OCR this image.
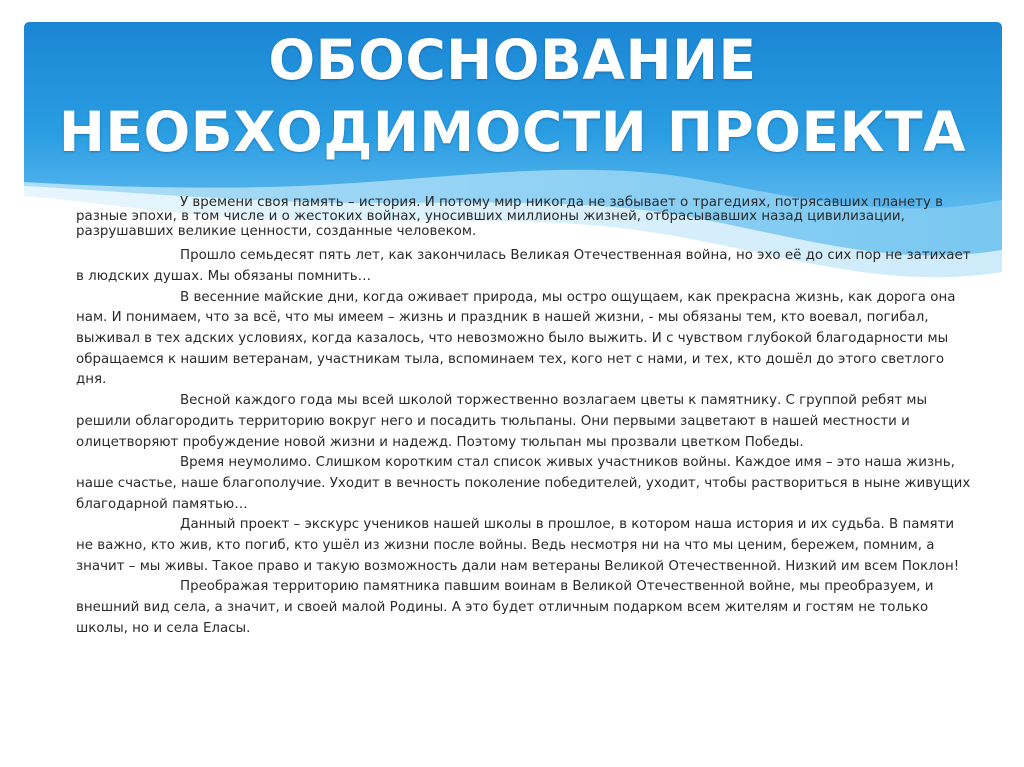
ОБОСНОВАНИЕ
НЕОБХОДИМОСТИ ПРОЕКТА

У времени своя память – история. И потому мир никогда не забывает о трагедиях, потрясавших планету в разные эпохи, в том числе и о жестоких войнах, уносивших миллионы жизней, отбрасывавших назад цивилизации, разрушавших великие ценности, созданные человеком.

Прошло семьдесят пять лет, как закончилась Великая Отечественная война, но эхо её до сих пор не затихает в людских душах. Мы обязаны помнить…

В весенние майские дни, когда оживает природа, мы остро ощущаем, как прекрасна жизнь, как дорога она нам. И понимаем, что за всё, что мы имеем – жизнь и праздник в нашей жизни, - мы обязаны тем, кто воевал, погибал, выживал в тех адских условиях, когда казалось, что невозможно было выжить. И с чувством глубокой благодарности мы обращаемся к нашим ветеранам, участникам тыла, вспоминаем тех, кого нет с нами, и тех, кто дошёл до этого светлого дня.

Весной каждого года мы всей школой торжественно возлагаем цветы к памятнику. С группой ребят мы решили облагородить территорию вокруг него и посадить тюльпаны. Они первыми зацветают в нашей местности и олицетворяют пробуждение новой жизни и надежд. Поэтому тюльпан мы прозвали цветком Победы.

Время неумолимо. Слишком коротким стал список живых участников войны. Каждое имя – это наша жизнь, наше счастье, наше благополучие. Уходит в вечность поколение победителей, уходит, чтобы раствориться в ныне живущих благодарной памятью…

Данный проект – экскурс учеников нашей школы в прошлое, в котором наша история и их судьба. В памяти не важно, кто жив, кто погиб, кто ушёл из жизни после войны. Ведь несмотря ни на что мы ценим, бережем, помним, а значит – мы живы. Такое право и такую возможность дали нам ветераны Великой Отечественной. Низкий им всем Поклон!

Преображая территорию памятника павшим воинам в Великой Отечественной войне, мы преобразуем, и внешний вид села, а значит, и своей малой Родины. А это будет отличным подарком всем жителям и гостям не только школы, но и села Еласы.
